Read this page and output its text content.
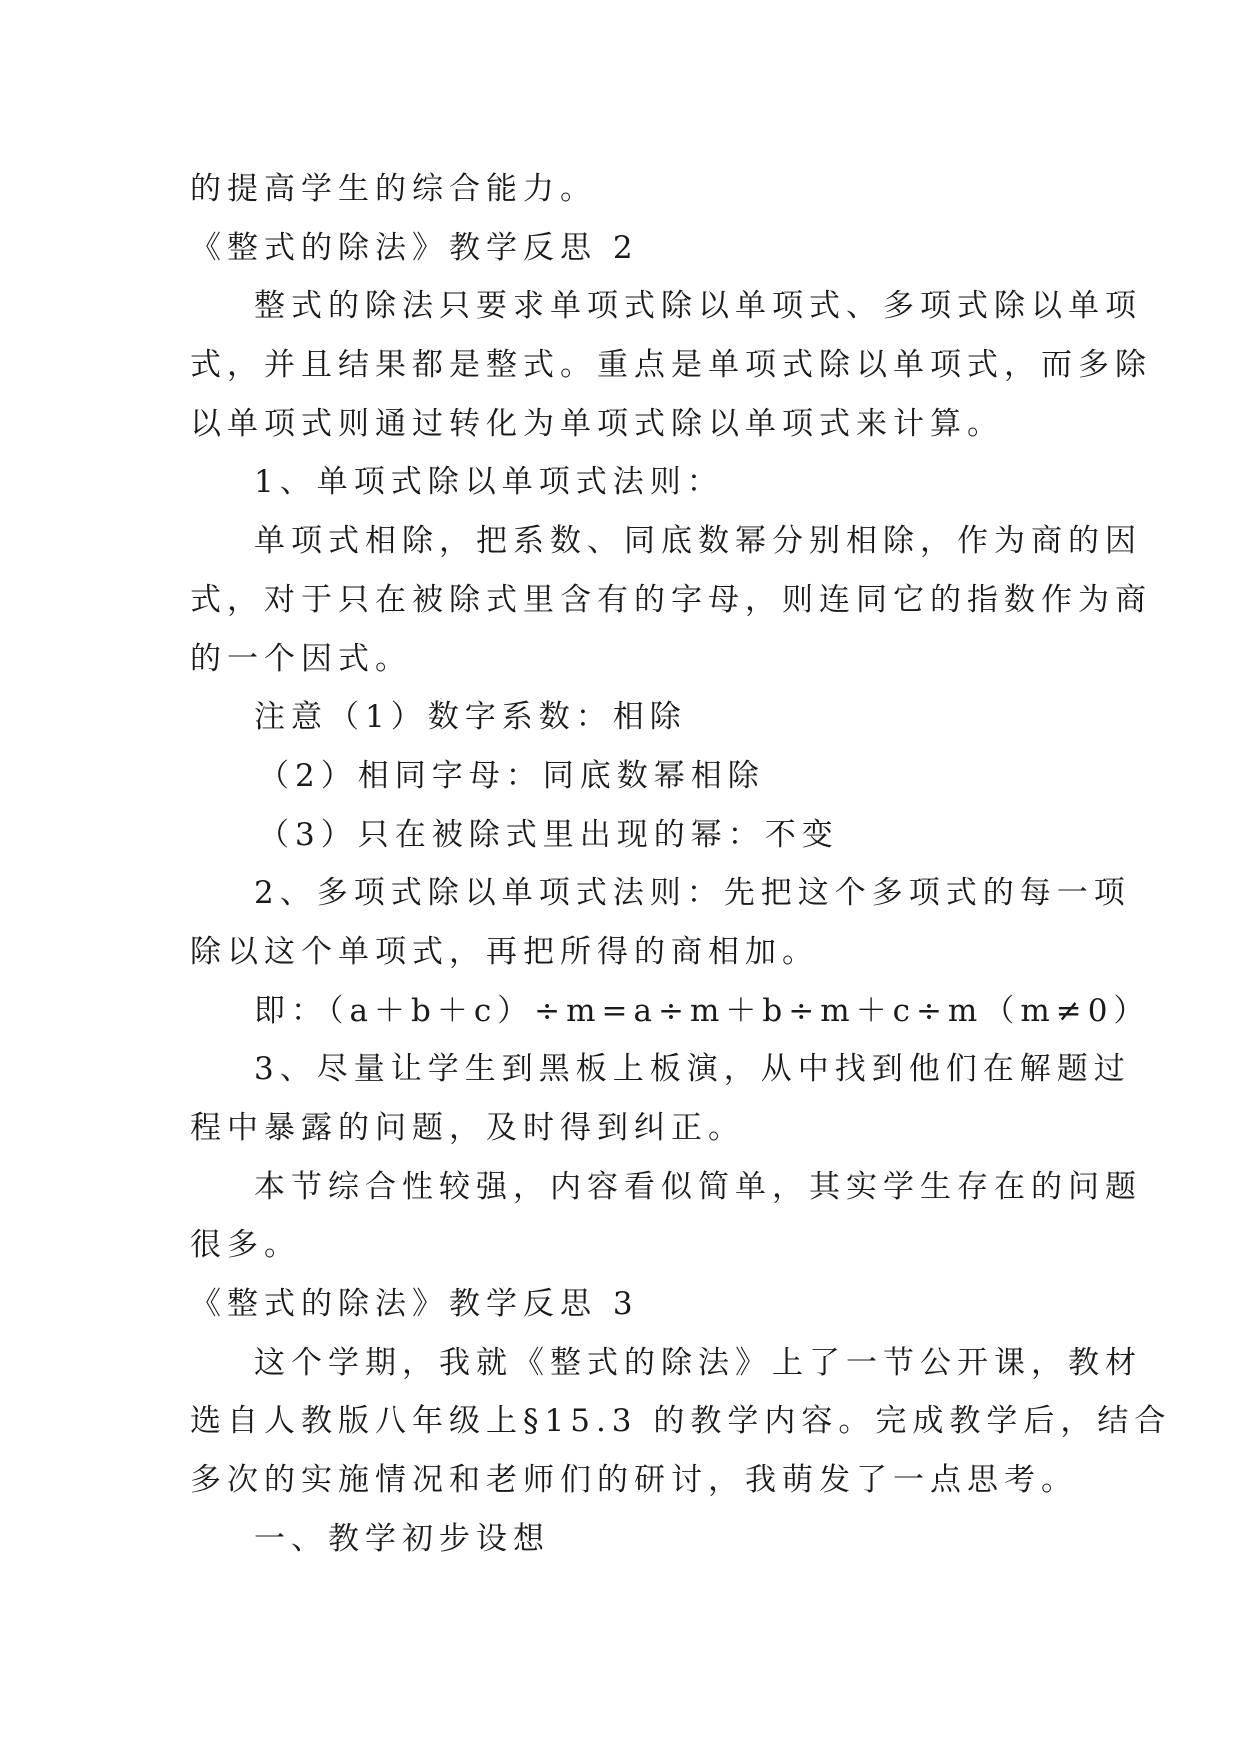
的提高学生的综合能力。
《整式的除法》教学反思 2
整式的除法只要求单项式除以单项式、多项式除以单项
式，并且结果都是整式。重点是单项式除以单项式，而多除
以单项式则通过转化为单项式除以单项式来计算。
1、单项式除以单项式法则：
单项式相除，把系数、同底数幂分别相除，作为商的因
式，对于只在被除式里含有的字母，则连同它的指数作为商
的一个因式。
注意（1）数字系数：相除
（2）相同字母：同底数幂相除
（3）只在被除式里出现的幂：不变
2、多项式除以单项式法则：先把这个多项式的每一项
除以这个单项式，再把所得的商相加。
即：（a＋b＋c）÷m=a÷m＋b÷m＋c÷m（m≠0）
3、尽量让学生到黑板上板演，从中找到他们在解题过
程中暴露的问题，及时得到纠正。
本节综合性较强，内容看似简单，其实学生存在的问题
很多。
《整式的除法》教学反思 3
这个学期，我就《整式的除法》上了一节公开课，教材
选自人教版八年级上§15.3 的教学内容。完成教学后，结合
多次的实施情况和老师们的研讨，我萌发了一点思考。
一、教学初步设想
